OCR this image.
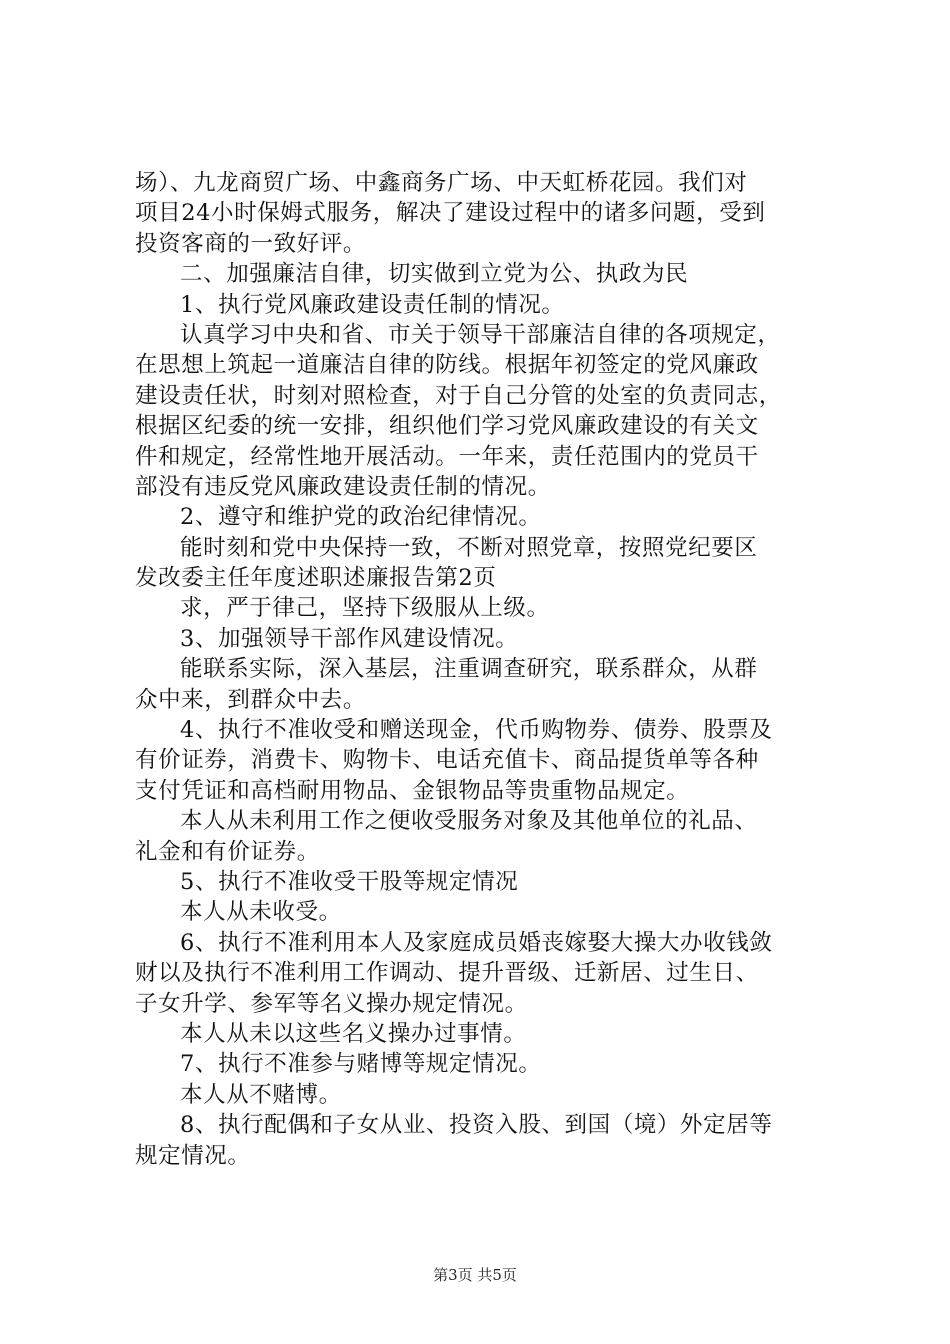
场）、九龙商贸广场、中鑫商务广场、中天虹桥花园。我们对
项目24小时保姆式服务，解决了建设过程中的诸多问题，受到
投资客商的一致好评。
二、加强廉洁自律，切实做到立党为公、执政为民
1、执行党风廉政建设责任制的情况。
认真学习中央和省、市关于领导干部廉洁自律的各项规定，
在思想上筑起一道廉洁自律的防线。根据年初签定的党风廉政
建设责任状，时刻对照检查，对于自己分管的处室的负责同志，
根据区纪委的统一安排，组织他们学习党风廉政建设的有关文
件和规定，经常性地开展活动。一年来，责任范围内的党员干
部没有违反党风廉政建设责任制的情况。
2、遵守和维护党的政治纪律情况。
能时刻和党中央保持一致，不断对照党章，按照党纪要区
发改委主任年度述职述廉报告第2页
求，严于律己，坚持下级服从上级。
3、加强领导干部作风建设情况。
能联系实际，深入基层，注重调查研究，联系群众，从群
众中来，到群众中去。
4、执行不准收受和赠送现金，代币购物券、债券、股票及
有价证券，消费卡、购物卡、电话充值卡、商品提货单等各种
支付凭证和高档耐用物品、金银物品等贵重物品规定。
本人从未利用工作之便收受服务对象及其他单位的礼品、
礼金和有价证券。
5、执行不准收受干股等规定情况
本人从未收受。
6、执行不准利用本人及家庭成员婚丧嫁娶大操大办收钱敛
财以及执行不准利用工作调动、提升晋级、迁新居、过生日、
子女升学、参军等名义操办规定情况。
本人从未以这些名义操办过事情。
7、执行不准参与赌博等规定情况。
本人从不赌博。
8、执行配偶和子女从业、投资入股、到国（境）外定居等
规定情况。
第3页 共5页
